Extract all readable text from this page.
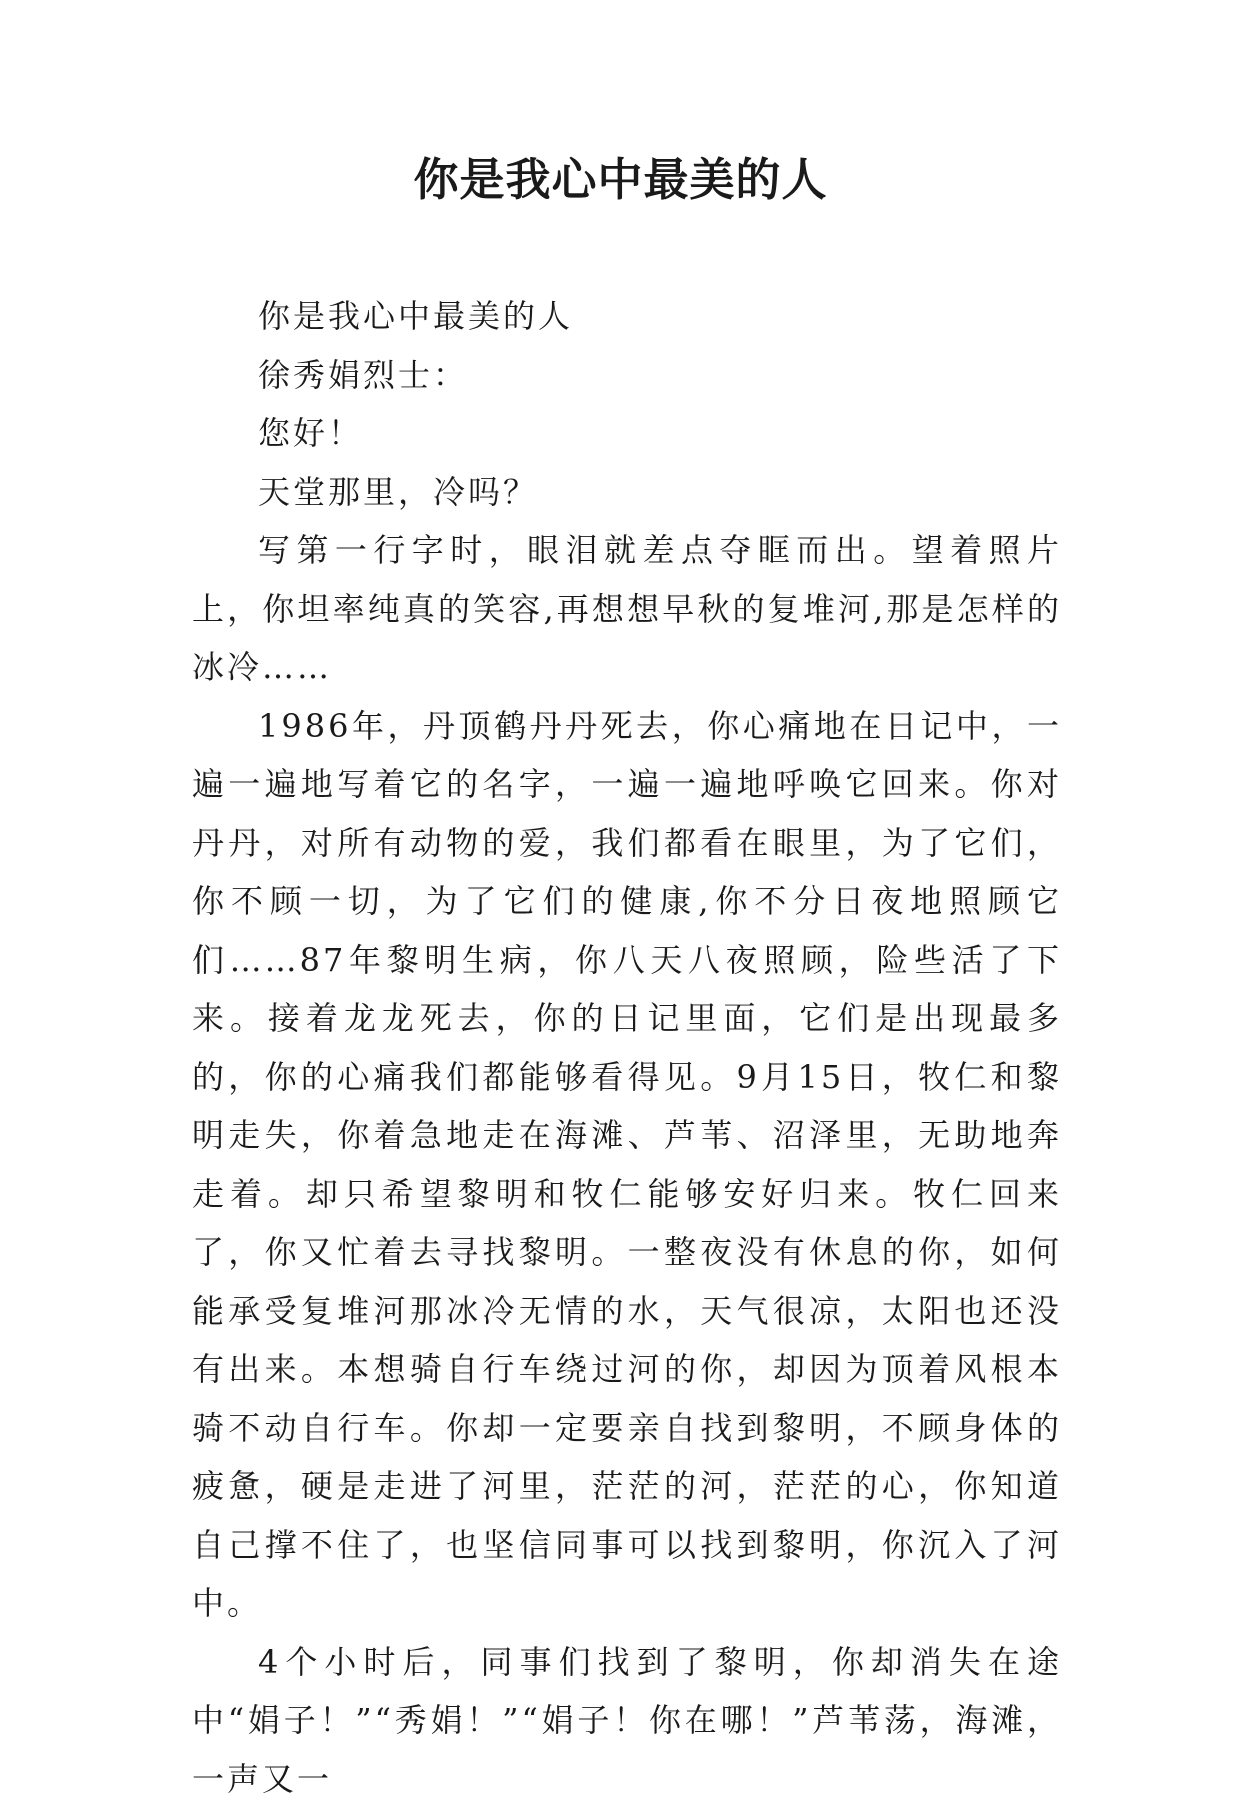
你是我心中最美的人

你是我心中最美的人

徐秀娟烈士：

您好！

天堂那里，冷吗？

写第一行字时，眼泪就差点夺眶而出。望着照片上，你坦率纯真的笑容,再想想早秋的复堆河,那是怎样的冰冷……

1986年，丹顶鹤丹丹死去，你心痛地在日记中，一遍一遍地写着它的名字，一遍一遍地呼唤它回来。你对丹丹，对所有动物的爱，我们都看在眼里，为了它们，你不顾一切，为了它们的健康,你不分日夜地照顾它们……87年黎明生病，你八天八夜照顾，险些活了下来。接着龙龙死去，你的日记里面，它们是出现最多的，你的心痛我们都能够看得见。9月15日，牧仁和黎明走失，你着急地走在海滩、芦苇、沼泽里，无助地奔走着。却只希望黎明和牧仁能够安好归来。牧仁回来了，你又忙着去寻找黎明。一整夜没有休息的你，如何能承受复堆河那冰冷无情的水，天气很凉，太阳也还没有出来。本想骑自行车绕过河的你，却因为顶着风根本骑不动自行车。你却一定要亲自找到黎明，不顾身体的疲惫，硬是走进了河里，茫茫的河，茫茫的心，你知道自己撑不住了，也坚信同事可以找到黎明，你沉入了河中。

4个小时后，同事们找到了黎明，你却消失在途中“娟子！”“秀娟！”“娟子！你在哪！”芦苇荡，海滩，一声又一
